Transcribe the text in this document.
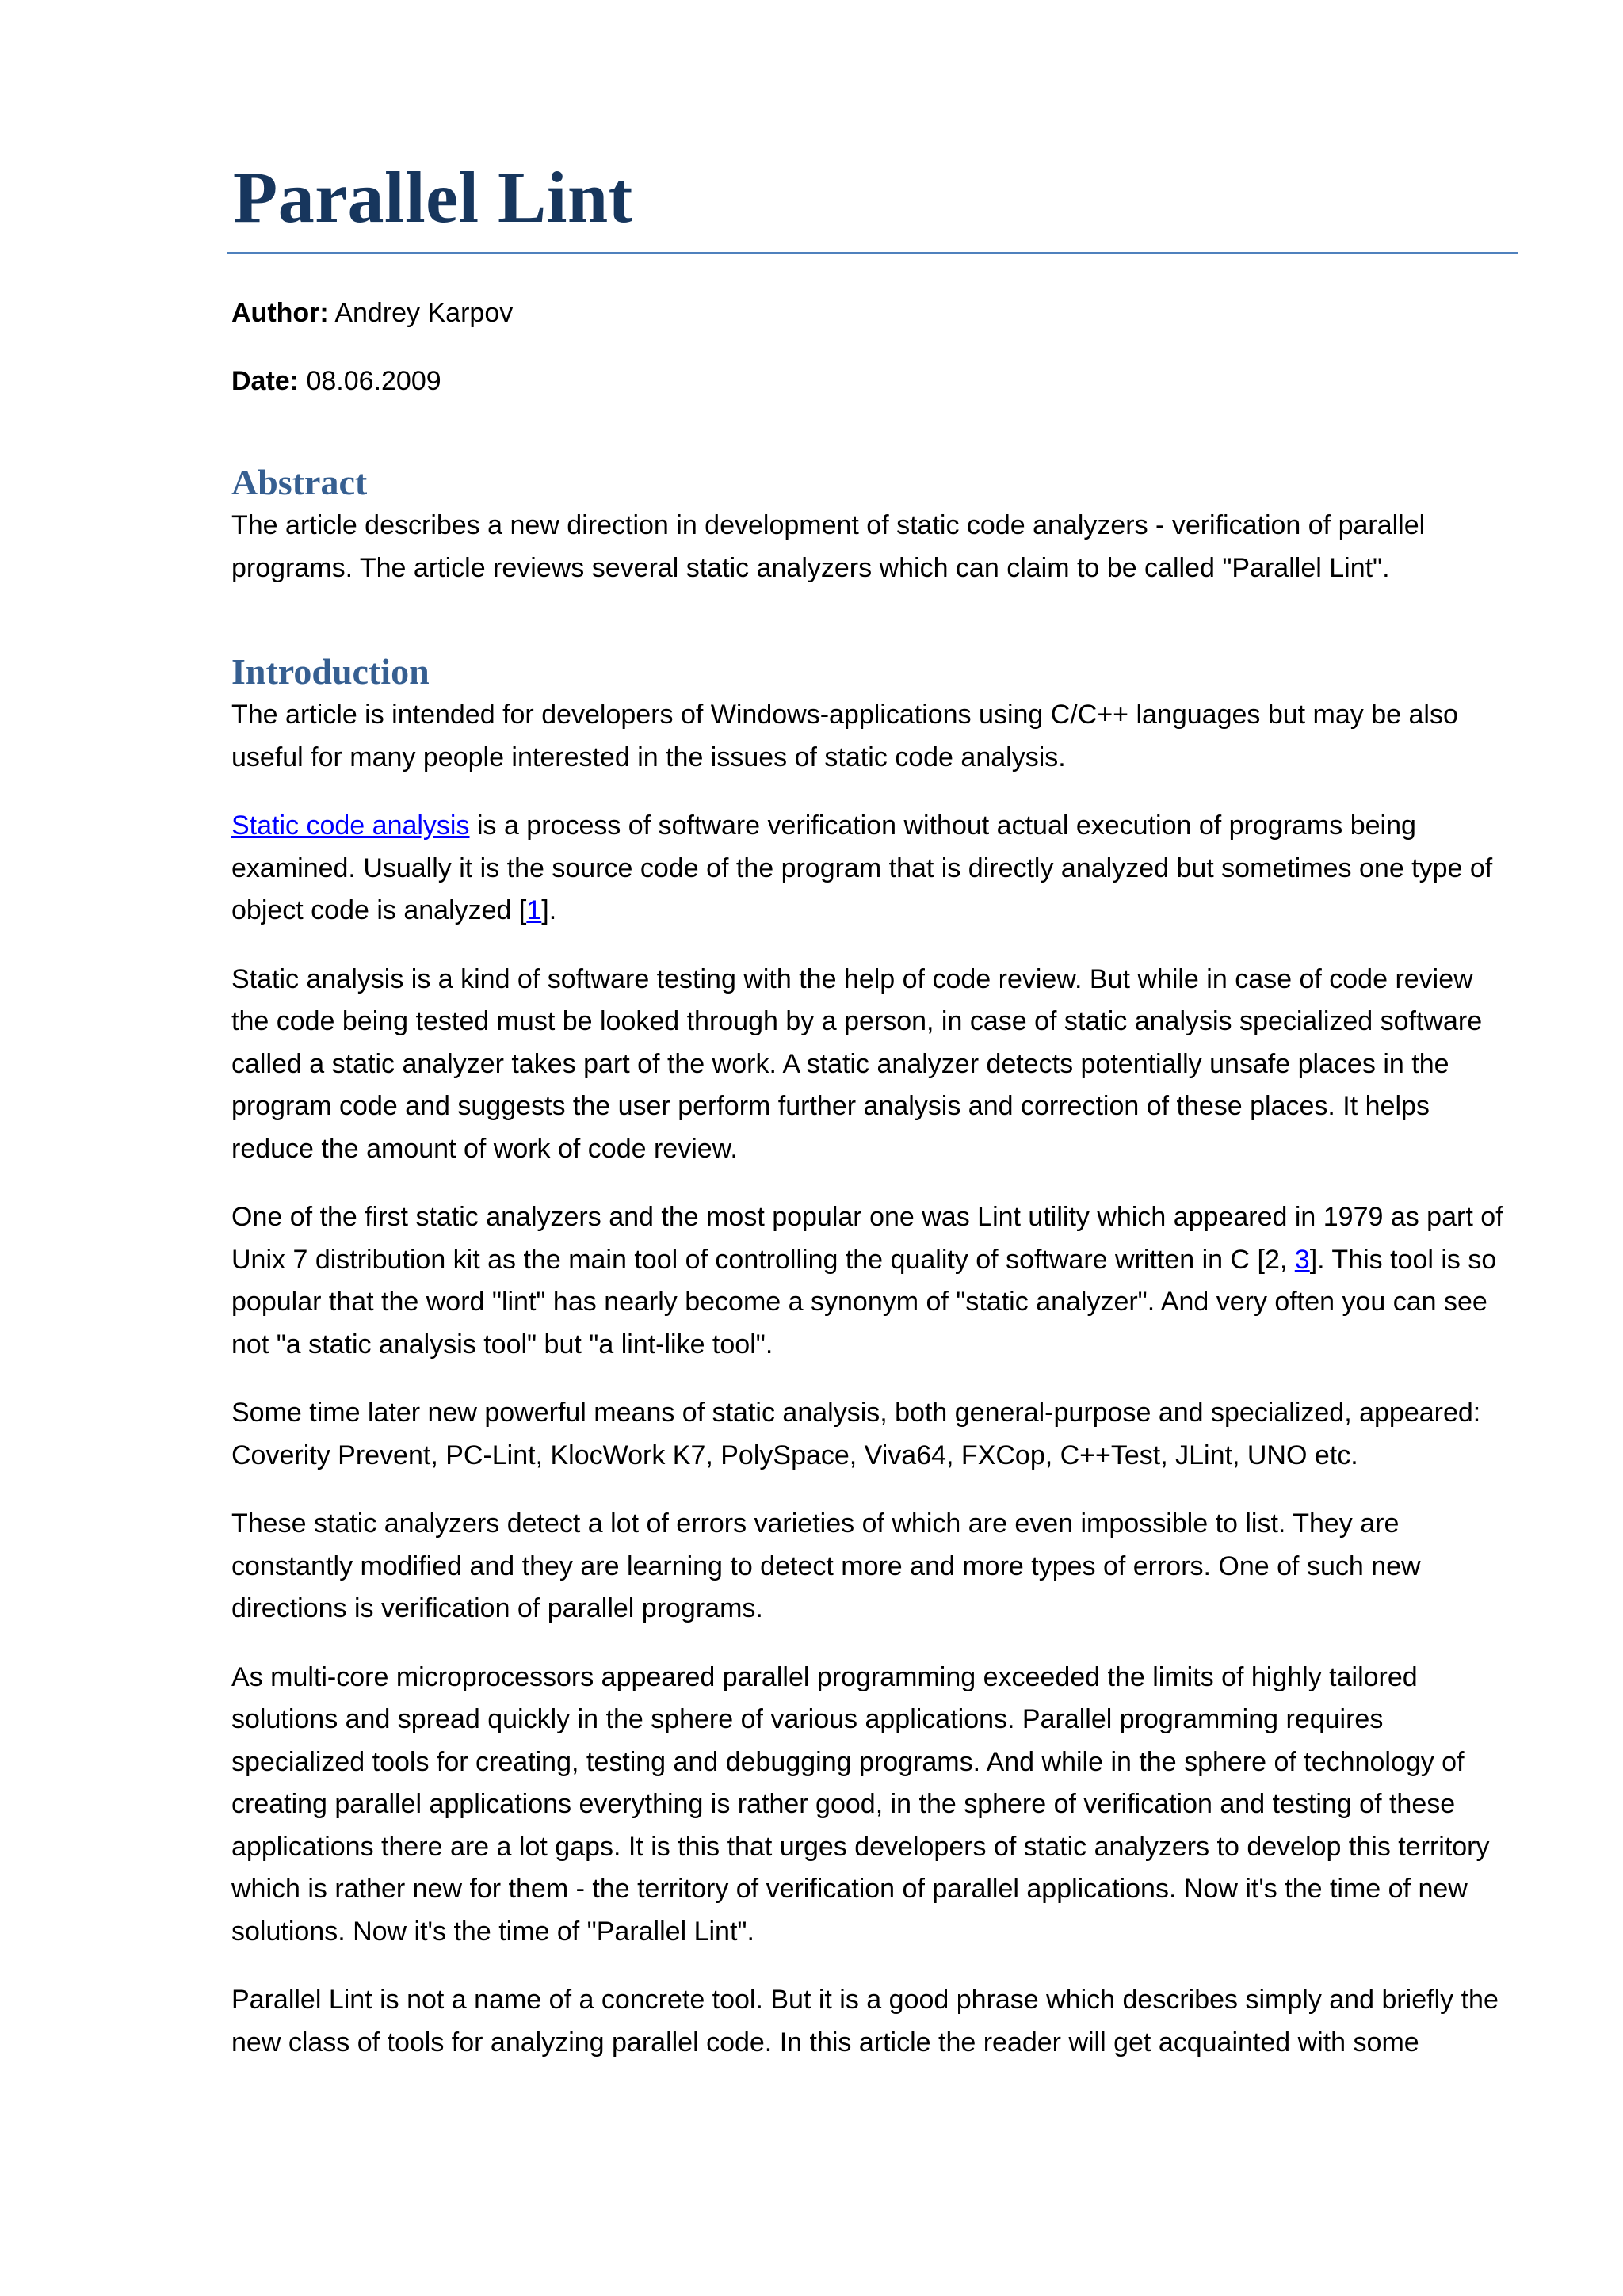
Parallel Lint

Author: Andrey Karpov

Date: 08.06.2009

Abstract

The article describes a new direction in development of static code analyzers - verification of parallel programs. The article reviews several static analyzers which can claim to be called "Parallel Lint".

Introduction

The article is intended for developers of Windows-applications using C/C++ languages but may be also useful for many people interested in the issues of static code analysis.

Static code analysis is a process of software verification without actual execution of programs being examined. Usually it is the source code of the program that is directly analyzed but sometimes one type of object code is analyzed [1].

Static analysis is a kind of software testing with the help of code review. But while in case of code review the code being tested must be looked through by a person, in case of static analysis specialized software called a static analyzer takes part of the work. A static analyzer detects potentially unsafe places in the program code and suggests the user perform further analysis and correction of these places. It helps reduce the amount of work of code review.

One of the first static analyzers and the most popular one was Lint utility which appeared in 1979 as part of Unix 7 distribution kit as the main tool of controlling the quality of software written in C [2, 3]. This tool is so popular that the word "lint" has nearly become a synonym of "static analyzer". And very often you can see not "a static analysis tool" but "a lint-like tool".

Some time later new powerful means of static analysis, both general-purpose and specialized, appeared: Coverity Prevent, PC-Lint, KlocWork K7, PolySpace, Viva64, FXCop, C++Test, JLint, UNO etc.

These static analyzers detect a lot of errors varieties of which are even impossible to list. They are constantly modified and they are learning to detect more and more types of errors. One of such new directions is verification of parallel programs.

As multi-core microprocessors appeared parallel programming exceeded the limits of highly tailored solutions and spread quickly in the sphere of various applications. Parallel programming requires specialized tools for creating, testing and debugging programs. And while in the sphere of technology of creating parallel applications everything is rather good, in the sphere of verification and testing of these applications there are a lot gaps. It is this that urges developers of static analyzers to develop this territory which is rather new for them - the territory of verification of parallel applications. Now it's the time of new solutions. Now it's the time of "Parallel Lint".

Parallel Lint is not a name of a concrete tool. But it is a good phrase which describes simply and briefly the new class of tools for analyzing parallel code. In this article the reader will get acquainted with some
